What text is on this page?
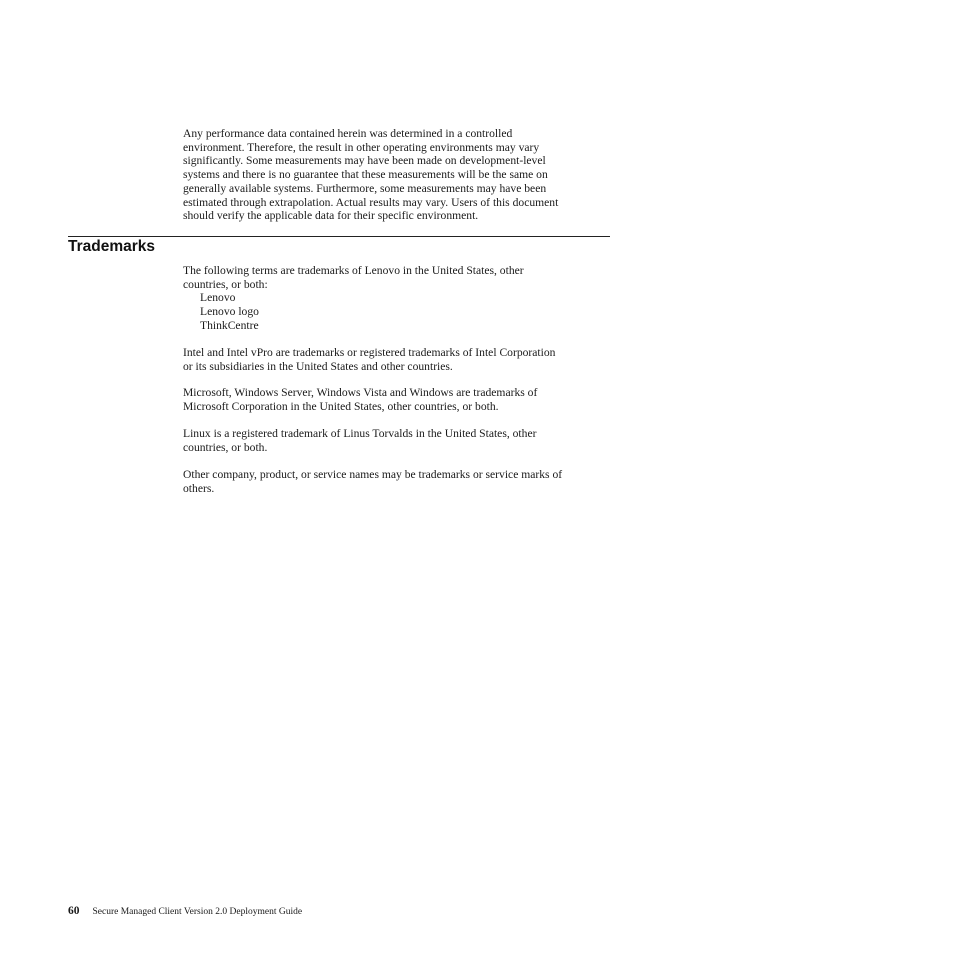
Any performance data contained herein was determined in a controlled
environment. Therefore, the result in other operating environments may vary
significantly. Some measurements may have been made on development-level
systems and there is no guarantee that these measurements will be the same on
generally available systems. Furthermore, some measurements may have been
estimated through extrapolation. Actual results may vary. Users of this document
should verify the applicable data for their specific environment.

Trademarks

The following terms are trademarks of Lenovo in the United States, other
countries, or both:
Lenovo
Lenovo logo
ThinkCentre

Intel and Intel vPro are trademarks or registered trademarks of Intel Corporation
or its subsidiaries in the United States and other countries.

Microsoft, Windows Server, Windows Vista and Windows are trademarks of
Microsoft Corporation in the United States, other countries, or both.

Linux is a registered trademark of Linus Torvalds in the United States, other
countries, or both.

Other company, product, or service names may be trademarks or service marks of
others.

60 Secure Managed Client Version 2.0 Deployment Guide
